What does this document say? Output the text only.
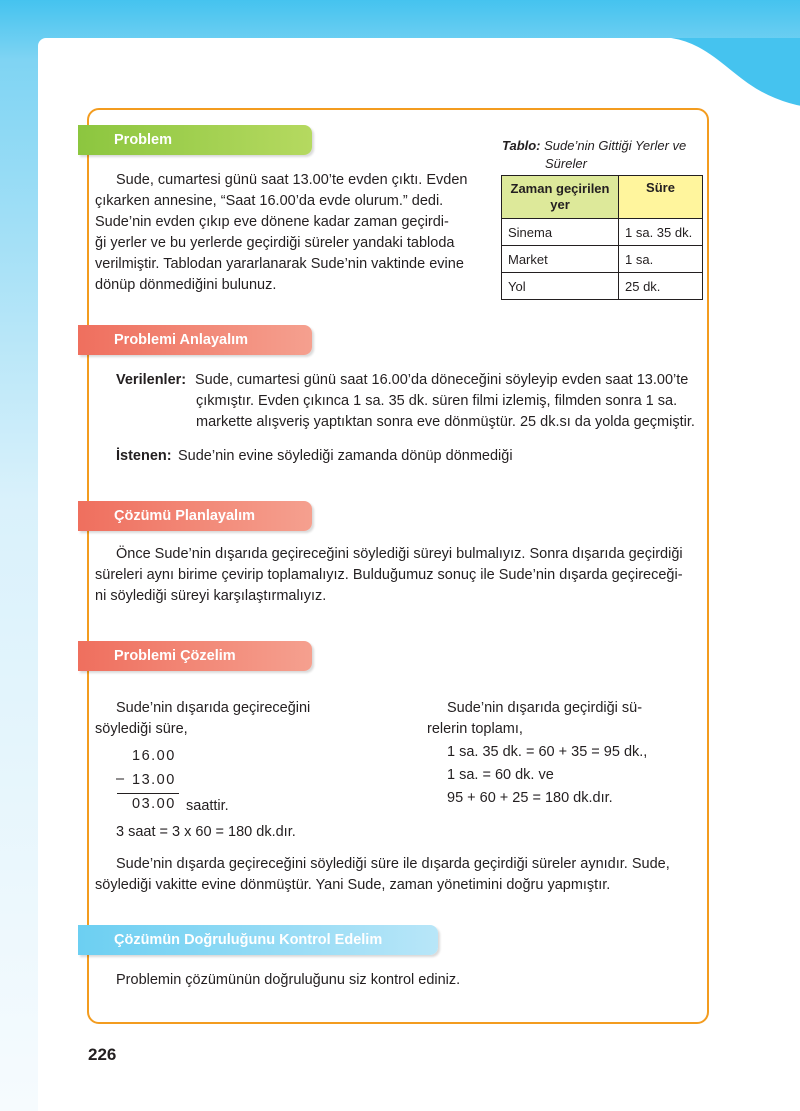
Problem
Sude, cumartesi günü saat 13.00’te evden çıktı. Evden
çıkarken annesine, “Saat 16.00’da evde olurum.” dedi.
Sude’nin evden çıkıp eve dönene kadar zaman geçirdi-
ği yerler ve bu yerlerde geçirdiği süreler yandaki tabloda
verilmiştir. Tablodan yararlanarak Sude’nin vaktinde evine
dönüp dönmediğini bulunuz.
Tablo: Sude’nin Gittiği Yerler ve
Süreler
Zaman geçirilen yer	Süre
Sinema	1 sa. 35 dk.
Market	1 sa.
Yol	25 dk.
Problemi Anlayalım
Verilenler: Sude, cumartesi günü saat 16.00’da döneceğini söyleyip evden saat 13.00’te
çıkmıştır. Evden çıkınca 1 sa. 35 dk. süren filmi izlemiş, filmden sonra 1 sa.
markette alışveriş yaptıktan sonra eve dönmüştür. 25 dk.sı da yolda geçmiştir.
İstenen: Sude’nin evine söylediği zamanda dönüp dönmediği
Çözümü Planlayalım
Önce Sude’nin dışarıda geçireceğini söylediği süreyi bulmalıyız. Sonra dışarıda geçirdiği
süreleri aynı birime çevirip toplamalıyız. Bulduğumuz sonuç ile Sude’nin dışarda geçireceği-
ni söylediği süreyi karşılaştırmalıyız.
Problemi Çözelim
Sude’nin dışarıda geçireceğini
söylediği süre,
16.00
– 13.00
03.00 saattir.
3 saat = 3 x 60 = 180 dk.dır.
Sude’nin dışarıda geçirdiği sü-
relerin toplamı,
1 sa. 35 dk. = 60 + 35 = 95 dk.,
1 sa. = 60 dk. ve
95 + 60 + 25 = 180 dk.dır.
Sude’nin dışarda geçireceğini söylediği süre ile dışarda geçirdiği süreler aynıdır. Sude,
söylediği vakitte evine dönmüştür. Yani Sude, zaman yönetimini doğru yapmıştır.
Çözümün Doğruluğunu Kontrol Edelim
Problemin çözümünün doğruluğunu siz kontrol ediniz.
226
